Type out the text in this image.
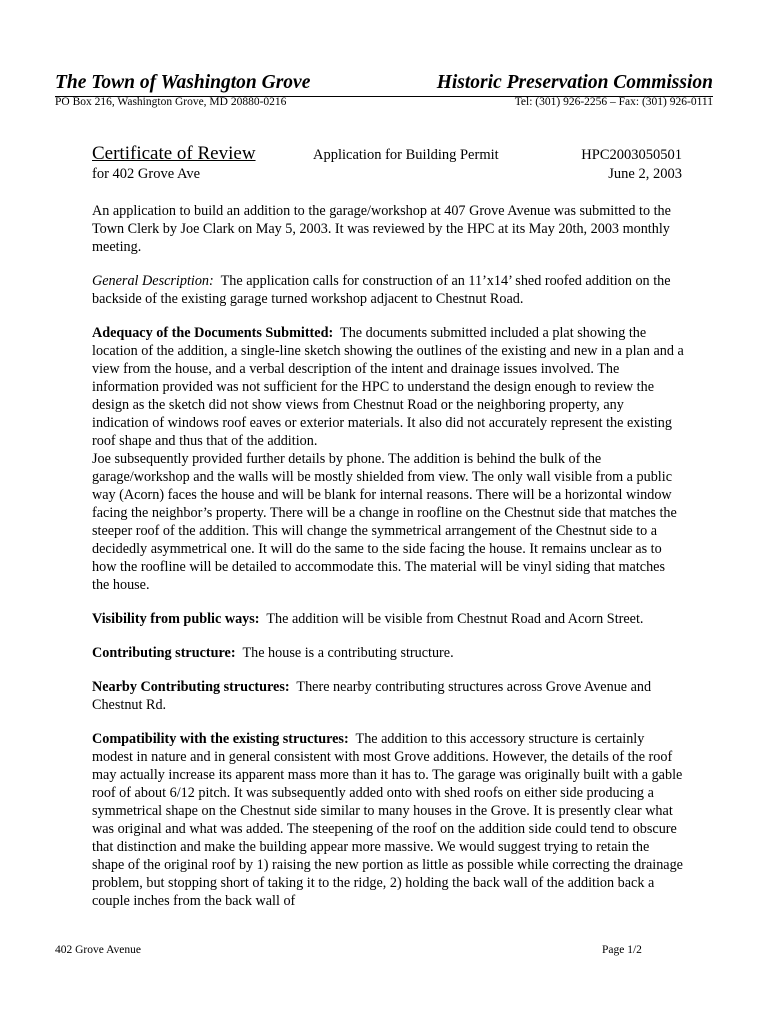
The Town of Washington Grove	Historic Preservation Commission
PO Box 216, Washington Grove, MD 20880-0216	Tel: (301) 926-2256 – Fax: (301) 926-0111
Certificate of Review	Application for Building Permit	HPC2003050501
for 402 Grove Ave	June 2, 2003

An application to build an addition to the garage/workshop at 407 Grove Avenue was submitted to the Town Clerk by Joe Clark on May 5, 2003. It was reviewed by the HPC at its May 20th, 2003 monthly meeting.

General Description: The application calls for construction of an 11’x14’ shed roofed addition on the backside of the existing garage turned workshop adjacent to Chestnut Road.

Adequacy of the Documents Submitted: The documents submitted included a plat showing the location of the addition, a single-line sketch showing the outlines of the existing and new in a plan and a view from the house, and a verbal description of the intent and drainage issues involved. The information provided was not sufficient for the HPC to understand the design enough to review the design as the sketch did not show views from Chestnut Road or the neighboring property, any indication of windows roof eaves or exterior materials. It also did not accurately represent the existing roof shape and thus that of the addition.
Joe subsequently provided further details by phone. The addition is behind the bulk of the garage/workshop and the walls will be mostly shielded from view. The only wall visible from a public way (Acorn) faces the house and will be blank for internal reasons. There will be a horizontal window facing the neighbor’s property. There will be a change in roofline on the Chestnut side that matches the steeper roof of the addition. This will change the symmetrical arrangement of the Chestnut side to a decidedly asymmetrical one. It will do the same to the side facing the house. It remains unclear as to how the roofline will be detailed to accommodate this. The material will be vinyl siding that matches the house.

Visibility from public ways: The addition will be visible from Chestnut Road and Acorn Street.

Contributing structure: The house is a contributing structure.

Nearby Contributing structures: There nearby contributing structures across Grove Avenue and Chestnut Rd.

Compatibility with the existing structures: The addition to this accessory structure is certainly modest in nature and in general consistent with most Grove additions. However, the details of the roof may actually increase its apparent mass more than it has to. The garage was originally built with a gable roof of about 6/12 pitch. It was subsequently added onto with shed roofs on either side producing a symmetrical shape on the Chestnut side similar to many houses in the Grove. It is presently clear what was original and what was added. The steepening of the roof on the addition side could tend to obscure that distinction and make the building appear more massive. We would suggest trying to retain the shape of the original roof by 1) raising the new portion as little as possible while correcting the drainage problem, but stopping short of taking it to the ridge, 2) holding the back wall of the addition back a couple inches from the back wall of

402 Grove Avenue	Page 1/2
